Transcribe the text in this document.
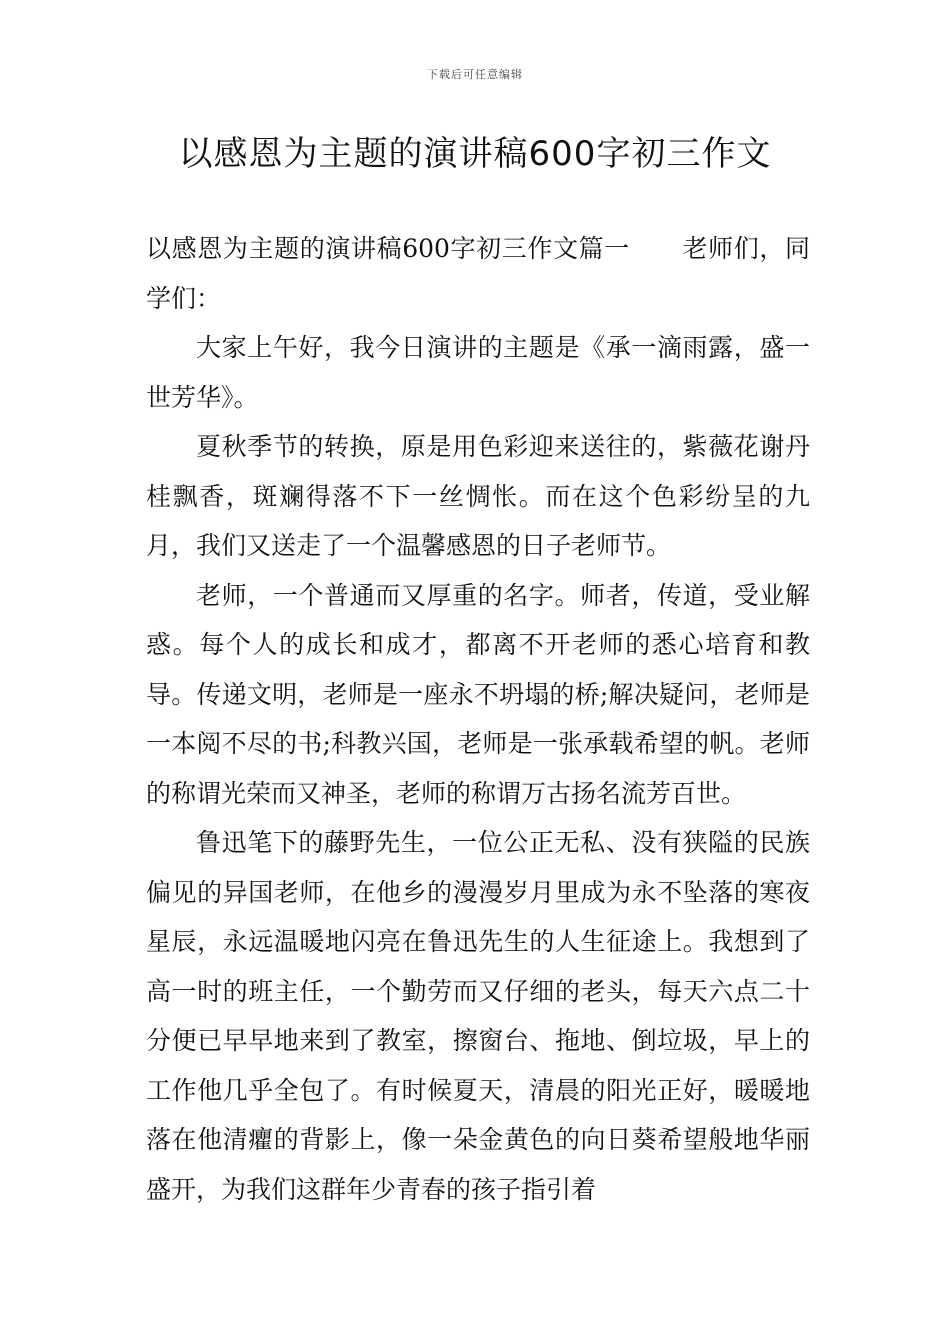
下载后可任意编辑
以感恩为主题的演讲稿600字初三作文

以感恩为主题的演讲稿600字初三作文篇一 老师们，同学们：

大家上午好，我今日演讲的主题是《承一滴雨露，盛一世芳华》。

夏秋季节的转换，原是用色彩迎来送往的，紫薇花谢丹桂飘香，斑斓得落不下一丝惆怅。而在这个色彩纷呈的九月，我们又送走了一个温馨感恩的日子老师节。

老师，一个普通而又厚重的名字。师者，传道，受业解惑。每个人的成长和成才，都离不开老师的悉心培育和教导。传递文明，老师是一座永不坍塌的桥;解决疑问，老师是一本阅不尽的书;科教兴国，老师是一张承载希望的帆。老师的称谓光荣而又神圣，老师的称谓万古扬名流芳百世。

鲁迅笔下的藤野先生，一位公正无私、没有狭隘的民族偏见的异国老师，在他乡的漫漫岁月里成为永不坠落的寒夜星辰，永远温暖地闪亮在鲁迅先生的人生征途上。我想到了高一时的班主任，一个勤劳而又仔细的老头，每天六点二十分便已早早地来到了教室，擦窗台、拖地、倒垃圾，早上的工作他几乎全包了。有时候夏天，清晨的阳光正好，暖暖地落在他清癯的背影上，像一朵金黄色的向日葵希望般地华丽盛开，为我们这群年少青春的孩子指引着
